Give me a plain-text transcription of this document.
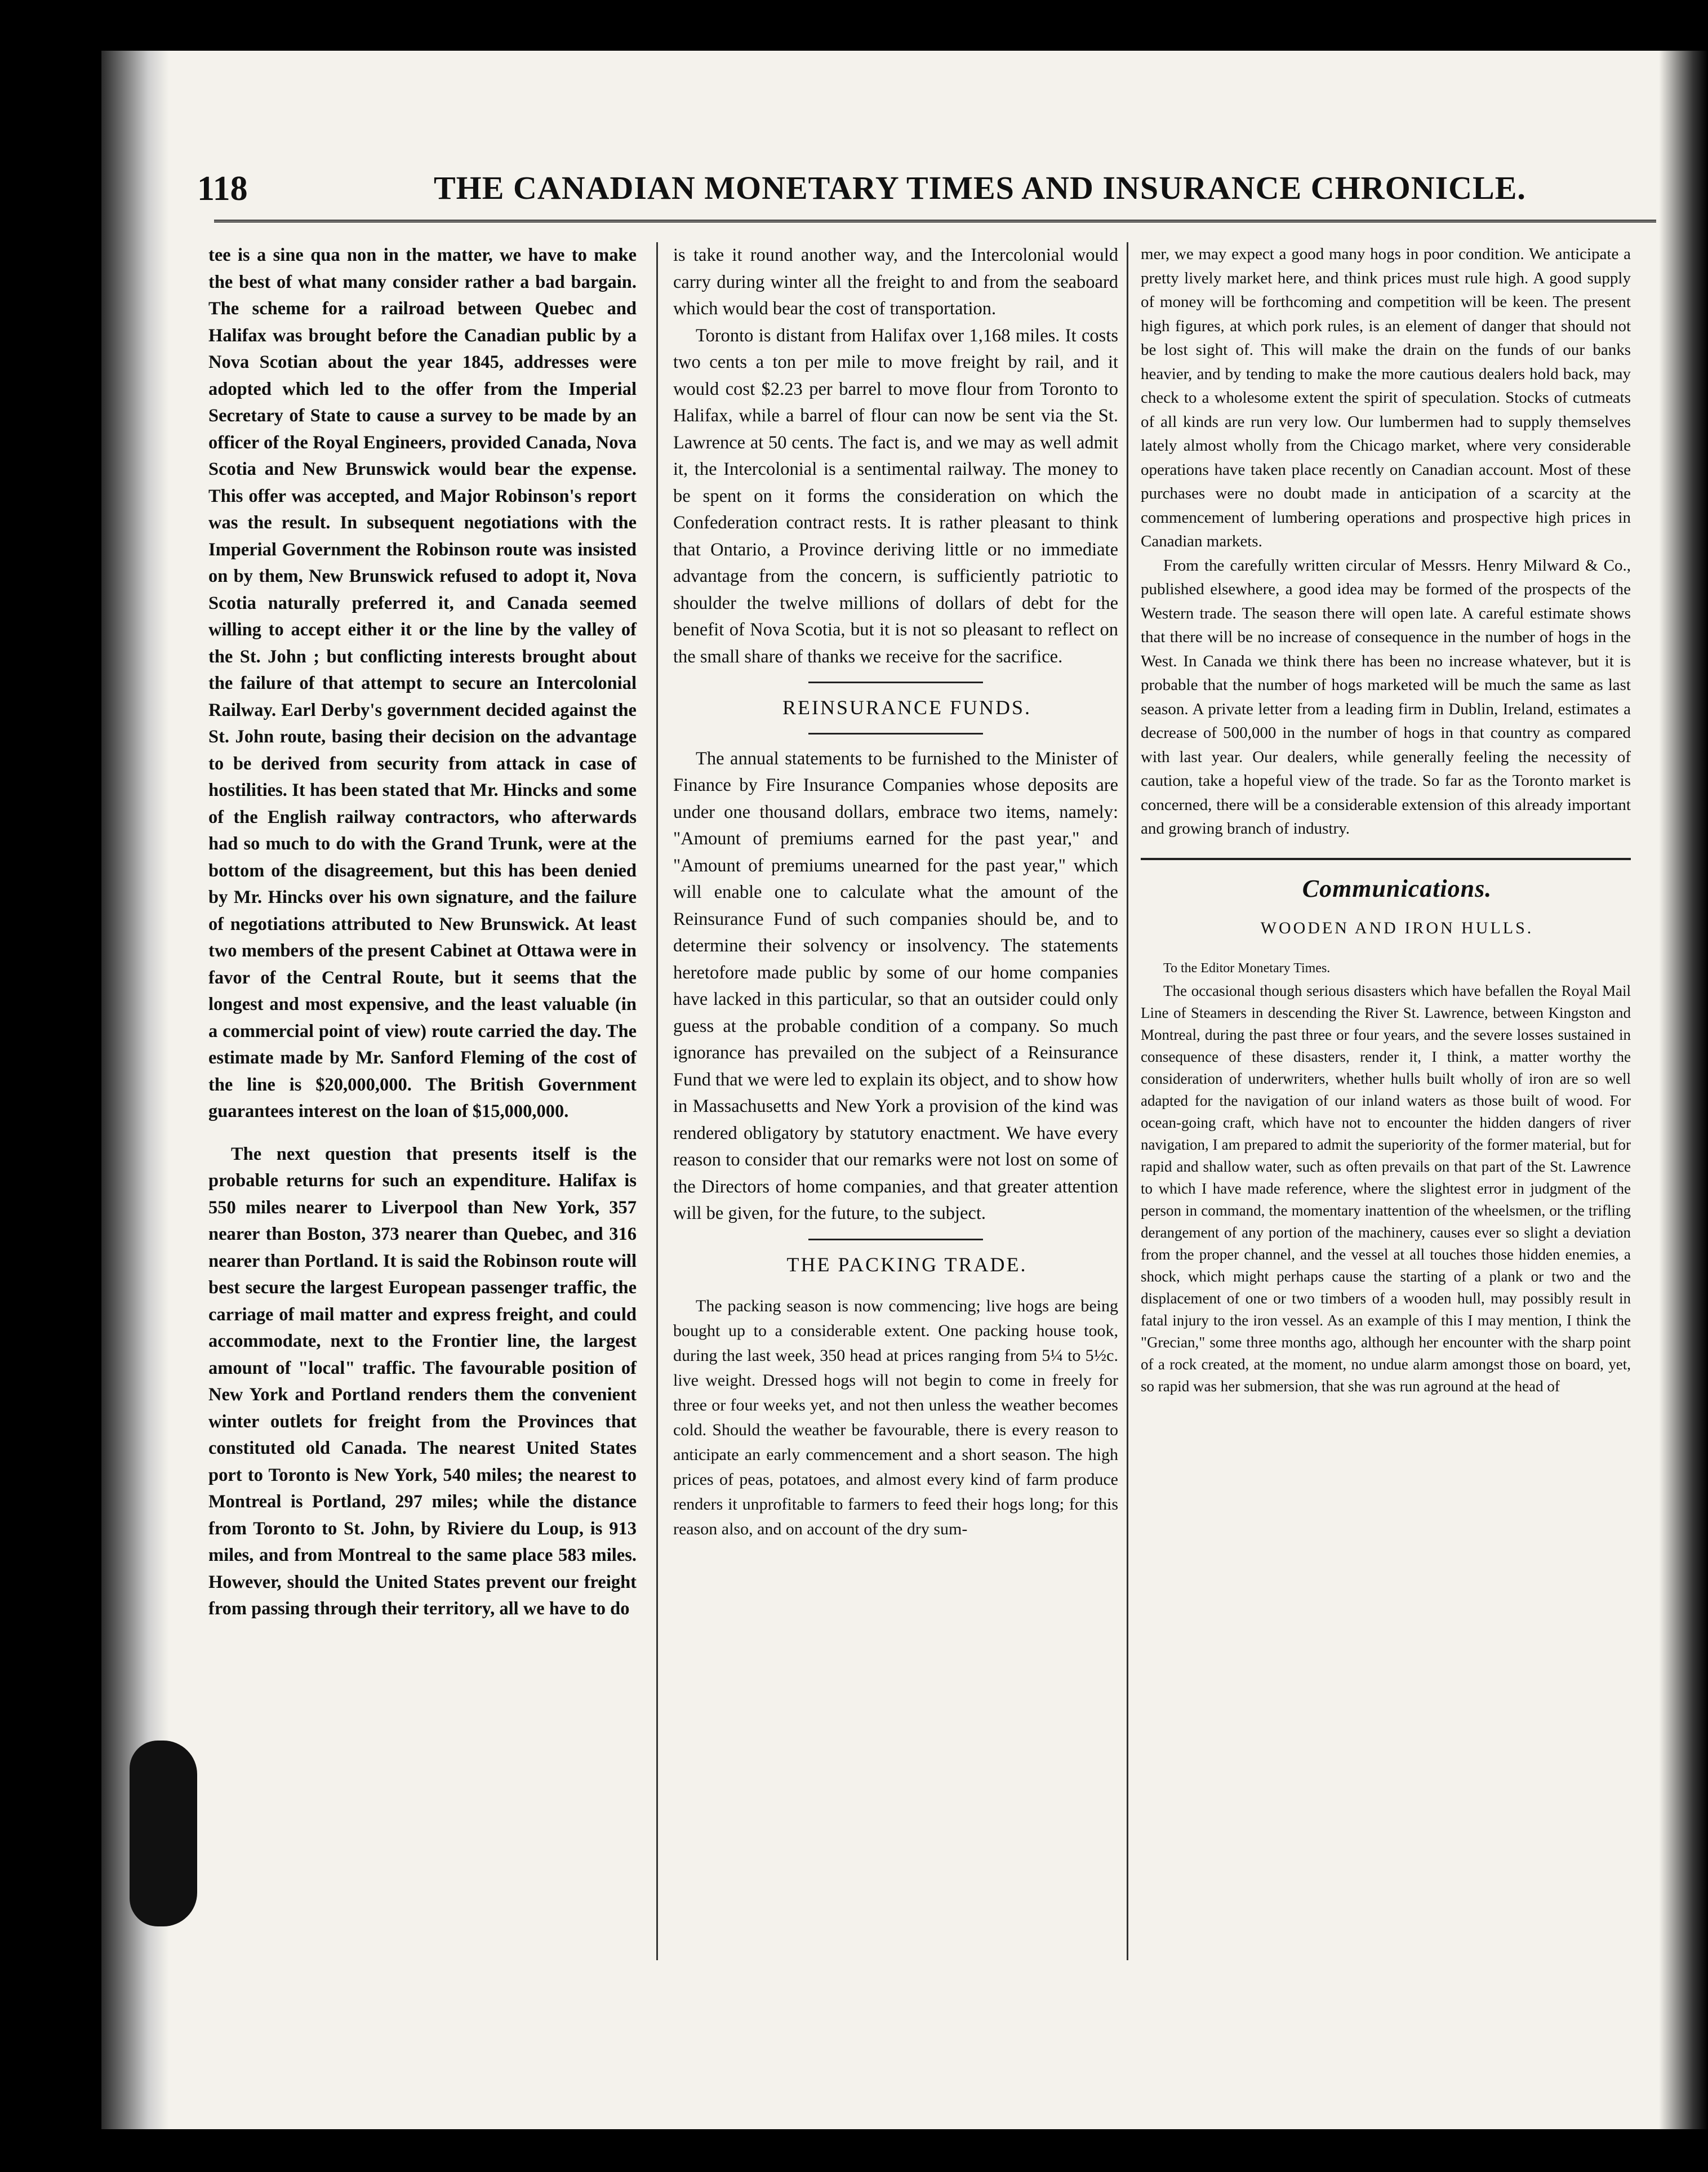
118	THE CANADIAN MONETARY TIMES AND INSURANCE CHRONICLE.

tee is a sine qua non in the matter, we have to make the best of what many consider rather a bad bargain. The scheme for a railroad between Quebec and Halifax was brought before the Canadian public by a Nova Scotian about the year 1845, addresses were adopted which led to the offer from the Imperial Secretary of State to cause a survey to be made by an officer of the Royal Engineers, provided Canada, Nova Scotia and New Brunswick would bear the expense. This offer was accepted, and Major Robinson's report was the result. In subsequent negotiations with the Imperial Government the Robinson route was insisted on by them, New Brunswick refused to adopt it, Nova Scotia naturally preferred it, and Canada seemed willing to accept either it or the line by the valley of the St. John ; but conflicting interests brought about the failure of that attempt to secure an Intercolonial Railway. Earl Derby's government decided against the St. John route, basing their decision on the advantage to be derived from security from attack in case of hostilities. It has been stated that Mr. Hincks and some of the English railway contractors, who afterwards had so much to do with the Grand Trunk, were at the bottom of the disagreement, but this has been denied by Mr. Hincks over his own signature, and the failure of negotiations attributed to New Brunswick. At least two members of the present Cabinet at Ottawa were in favor of the Central Route, but it seems that the longest and most expensive, and the least valuable (in a commercial point of view) route carried the day. The estimate made by Mr. Sanford Fleming of the cost of the line is $20,000,000. The British Government guarantees interest on the loan of $15,000,000.

The next question that presents itself is the probable returns for such an expenditure. Halifax is 550 miles nearer to Liverpool than New York, 357 nearer than Boston, 373 nearer than Quebec, and 316 nearer than Portland. It is said the Robinson route will best secure the largest European passenger traffic, the carriage of mail matter and express freight, and could accommodate, next to the Frontier line, the largest amount of "local" traffic. The favourable position of New York and Portland renders them the convenient winter outlets for freight from the Provinces that constituted old Canada. The nearest United States port to Toronto is New York, 540 miles; the nearest to Montreal is Portland, 297 miles; while the distance from Toronto to St. John, by Riviere du Loup, is 913 miles, and from Montreal to the same place 583 miles. However, should the United States prevent our freight from passing through their territory, all we have to do

is take it round another way, and the Intercolonial would carry during winter all the freight to and from the seaboard which would bear the cost of transportation.

Toronto is distant from Halifax over 1,168 miles. It costs two cents a ton per mile to move freight by rail, and it would cost $2.23 per barrel to move flour from Toronto to Halifax, while a barrel of flour can now be sent via the St. Lawrence at 50 cents. The fact is, and we may as well admit it, the Intercolonial is a sentimental railway. The money to be spent on it forms the consideration on which the Confederation contract rests. It is rather pleasant to think that Ontario, a Province deriving little or no immediate advantage from the concern, is sufficiently patriotic to shoulder the twelve millions of dollars of debt for the benefit of Nova Scotia, but it is not so pleasant to reflect on the small share of thanks we receive for the sacrifice.

REINSURANCE FUNDS.

The annual statements to be furnished to the Minister of Finance by Fire Insurance Companies whose deposits are under one thousand dollars, embrace two items, namely: "Amount of premiums earned for the past year," and "Amount of premiums unearned for the past year," which will enable one to calculate what the amount of the Reinsurance Fund of such companies should be, and to determine their solvency or insolvency. The statements heretofore made public by some of our home companies have lacked in this particular, so that an outsider could only guess at the probable condition of a company. So much ignorance has prevailed on the subject of a Reinsurance Fund that we were led to explain its object, and to show how in Massachusetts and New York a provision of the kind was rendered obligatory by statutory enactment. We have every reason to consider that our remarks were not lost on some of the Directors of home companies, and that greater attention will be given, for the future, to the subject.

THE PACKING TRADE.

The packing season is now commencing; live hogs are being bought up to a considerable extent. One packing house took, during the last week, 350 head at prices ranging from 5¼ to 5½c. live weight. Dressed hogs will not begin to come in freely for three or four weeks yet, and not then unless the weather becomes cold. Should the weather be favourable, there is every reason to anticipate an early commencement and a short season. The high prices of peas, potatoes, and almost every kind of farm produce renders it unprofitable to farmers to feed their hogs long; for this reason also, and on account of the dry sum-

mer, we may expect a good many hogs in poor condition. We anticipate a pretty lively market here, and think prices must rule high. A good supply of money will be forthcoming and competition will be keen. The present high figures, at which pork rules, is an element of danger that should not be lost sight of. This will make the drain on the funds of our banks heavier, and by tending to make the more cautious dealers hold back, may check to a wholesome extent the spirit of speculation. Stocks of cutmeats of all kinds are run very low. Our lumbermen had to supply themselves lately almost wholly from the Chicago market, where very considerable operations have taken place recently on Canadian account. Most of these purchases were no doubt made in anticipation of a scarcity at the commencement of lumbering operations and prospective high prices in Canadian markets.

From the carefully written circular of Messrs. Henry Milward & Co., published elsewhere, a good idea may be formed of the prospects of the Western trade. The season there will open late. A careful estimate shows that there will be no increase of consequence in the number of hogs in the West. In Canada we think there has been no increase whatever, but it is probable that the number of hogs marketed will be much the same as last season. A private letter from a leading firm in Dublin, Ireland, estimates a decrease of 500,000 in the number of hogs in that country as compared with last year. Our dealers, while generally feeling the necessity of caution, take a hopeful view of the trade. So far as the Toronto market is concerned, there will be a considerable extension of this already important and growing branch of industry.

Communications.

WOODEN AND IRON HULLS.

To the Editor Monetary Times.

The occasional though serious disasters which have befallen the Royal Mail Line of Steamers in descending the River St. Lawrence, between Kingston and Montreal, during the past three or four years, and the severe losses sustained in consequence of these disasters, render it, I think, a matter worthy the consideration of underwriters, whether hulls built wholly of iron are so well adapted for the navigation of our inland waters as those built of wood. For ocean-going craft, which have not to encounter the hidden dangers of river navigation, I am prepared to admit the superiority of the former material, but for rapid and shallow water, such as often prevails on that part of the St. Lawrence to which I have made reference, where the slightest error in judgment of the person in command, the momentary inattention of the wheelsmen, or the trifling derangement of any portion of the machinery, causes ever so slight a deviation from the proper channel, and the vessel at all touches those hidden enemies, a shock, which might perhaps cause the starting of a plank or two and the displacement of one or two timbers of a wooden hull, may possibly result in fatal injury to the iron vessel. As an example of this I may mention, I think the "Grecian," some three months ago, although her encounter with the sharp point of a rock created, at the moment, no undue alarm amongst those on board, yet, so rapid was her submersion, that she was run aground at the head of
